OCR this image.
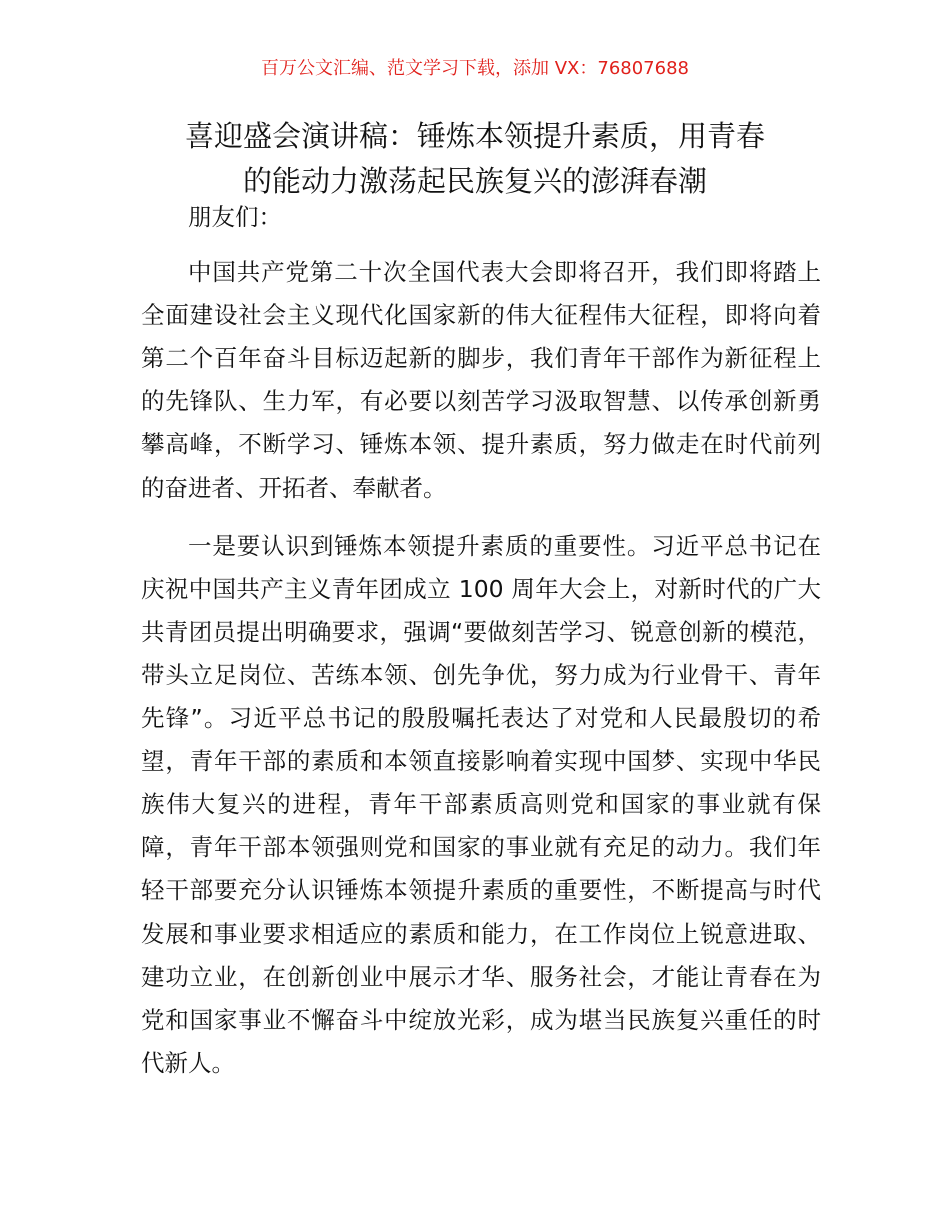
百万公文汇编、范文学习下载，添加 VX：76807688
喜迎盛会演讲稿：锤炼本领提升素质，用青春
的能动力激荡起民族复兴的澎湃春潮

朋友们：

中国共产党第二十次全国代表大会即将召开，我们即将踏上全面建设社会主义现代化国家新的伟大征程伟大征程，即将向着第二个百年奋斗目标迈起新的脚步，我们青年干部作为新征程上的先锋队、生力军，有必要以刻苦学习汲取智慧、以传承创新勇攀高峰，不断学习、锤炼本领、提升素质，努力做走在时代前列的奋进者、开拓者、奉献者。

一是要认识到锤炼本领提升素质的重要性。习近平总书记在庆祝中国共产主义青年团成立 100 周年大会上，对新时代的广大共青团员提出明确要求，强调“要做刻苦学习、锐意创新的模范，带头立足岗位、苦练本领、创先争优，努力成为行业骨干、青年先锋”。习近平总书记的殷殷嘱托表达了对党和人民最殷切的希望，青年干部的素质和本领直接影响着实现中国梦、实现中华民族伟大复兴的进程，青年干部素质高则党和国家的事业就有保障，青年干部本领强则党和国家的事业就有充足的动力。我们年轻干部要充分认识锤炼本领提升素质的重要性，不断提高与时代发展和事业要求相适应的素质和能力，在工作岗位上锐意进取、建功立业，在创新创业中展示才华、服务社会，才能让青春在为党和国家事业不懈奋斗中绽放光彩，成为堪当民族复兴重任的时代新人。
